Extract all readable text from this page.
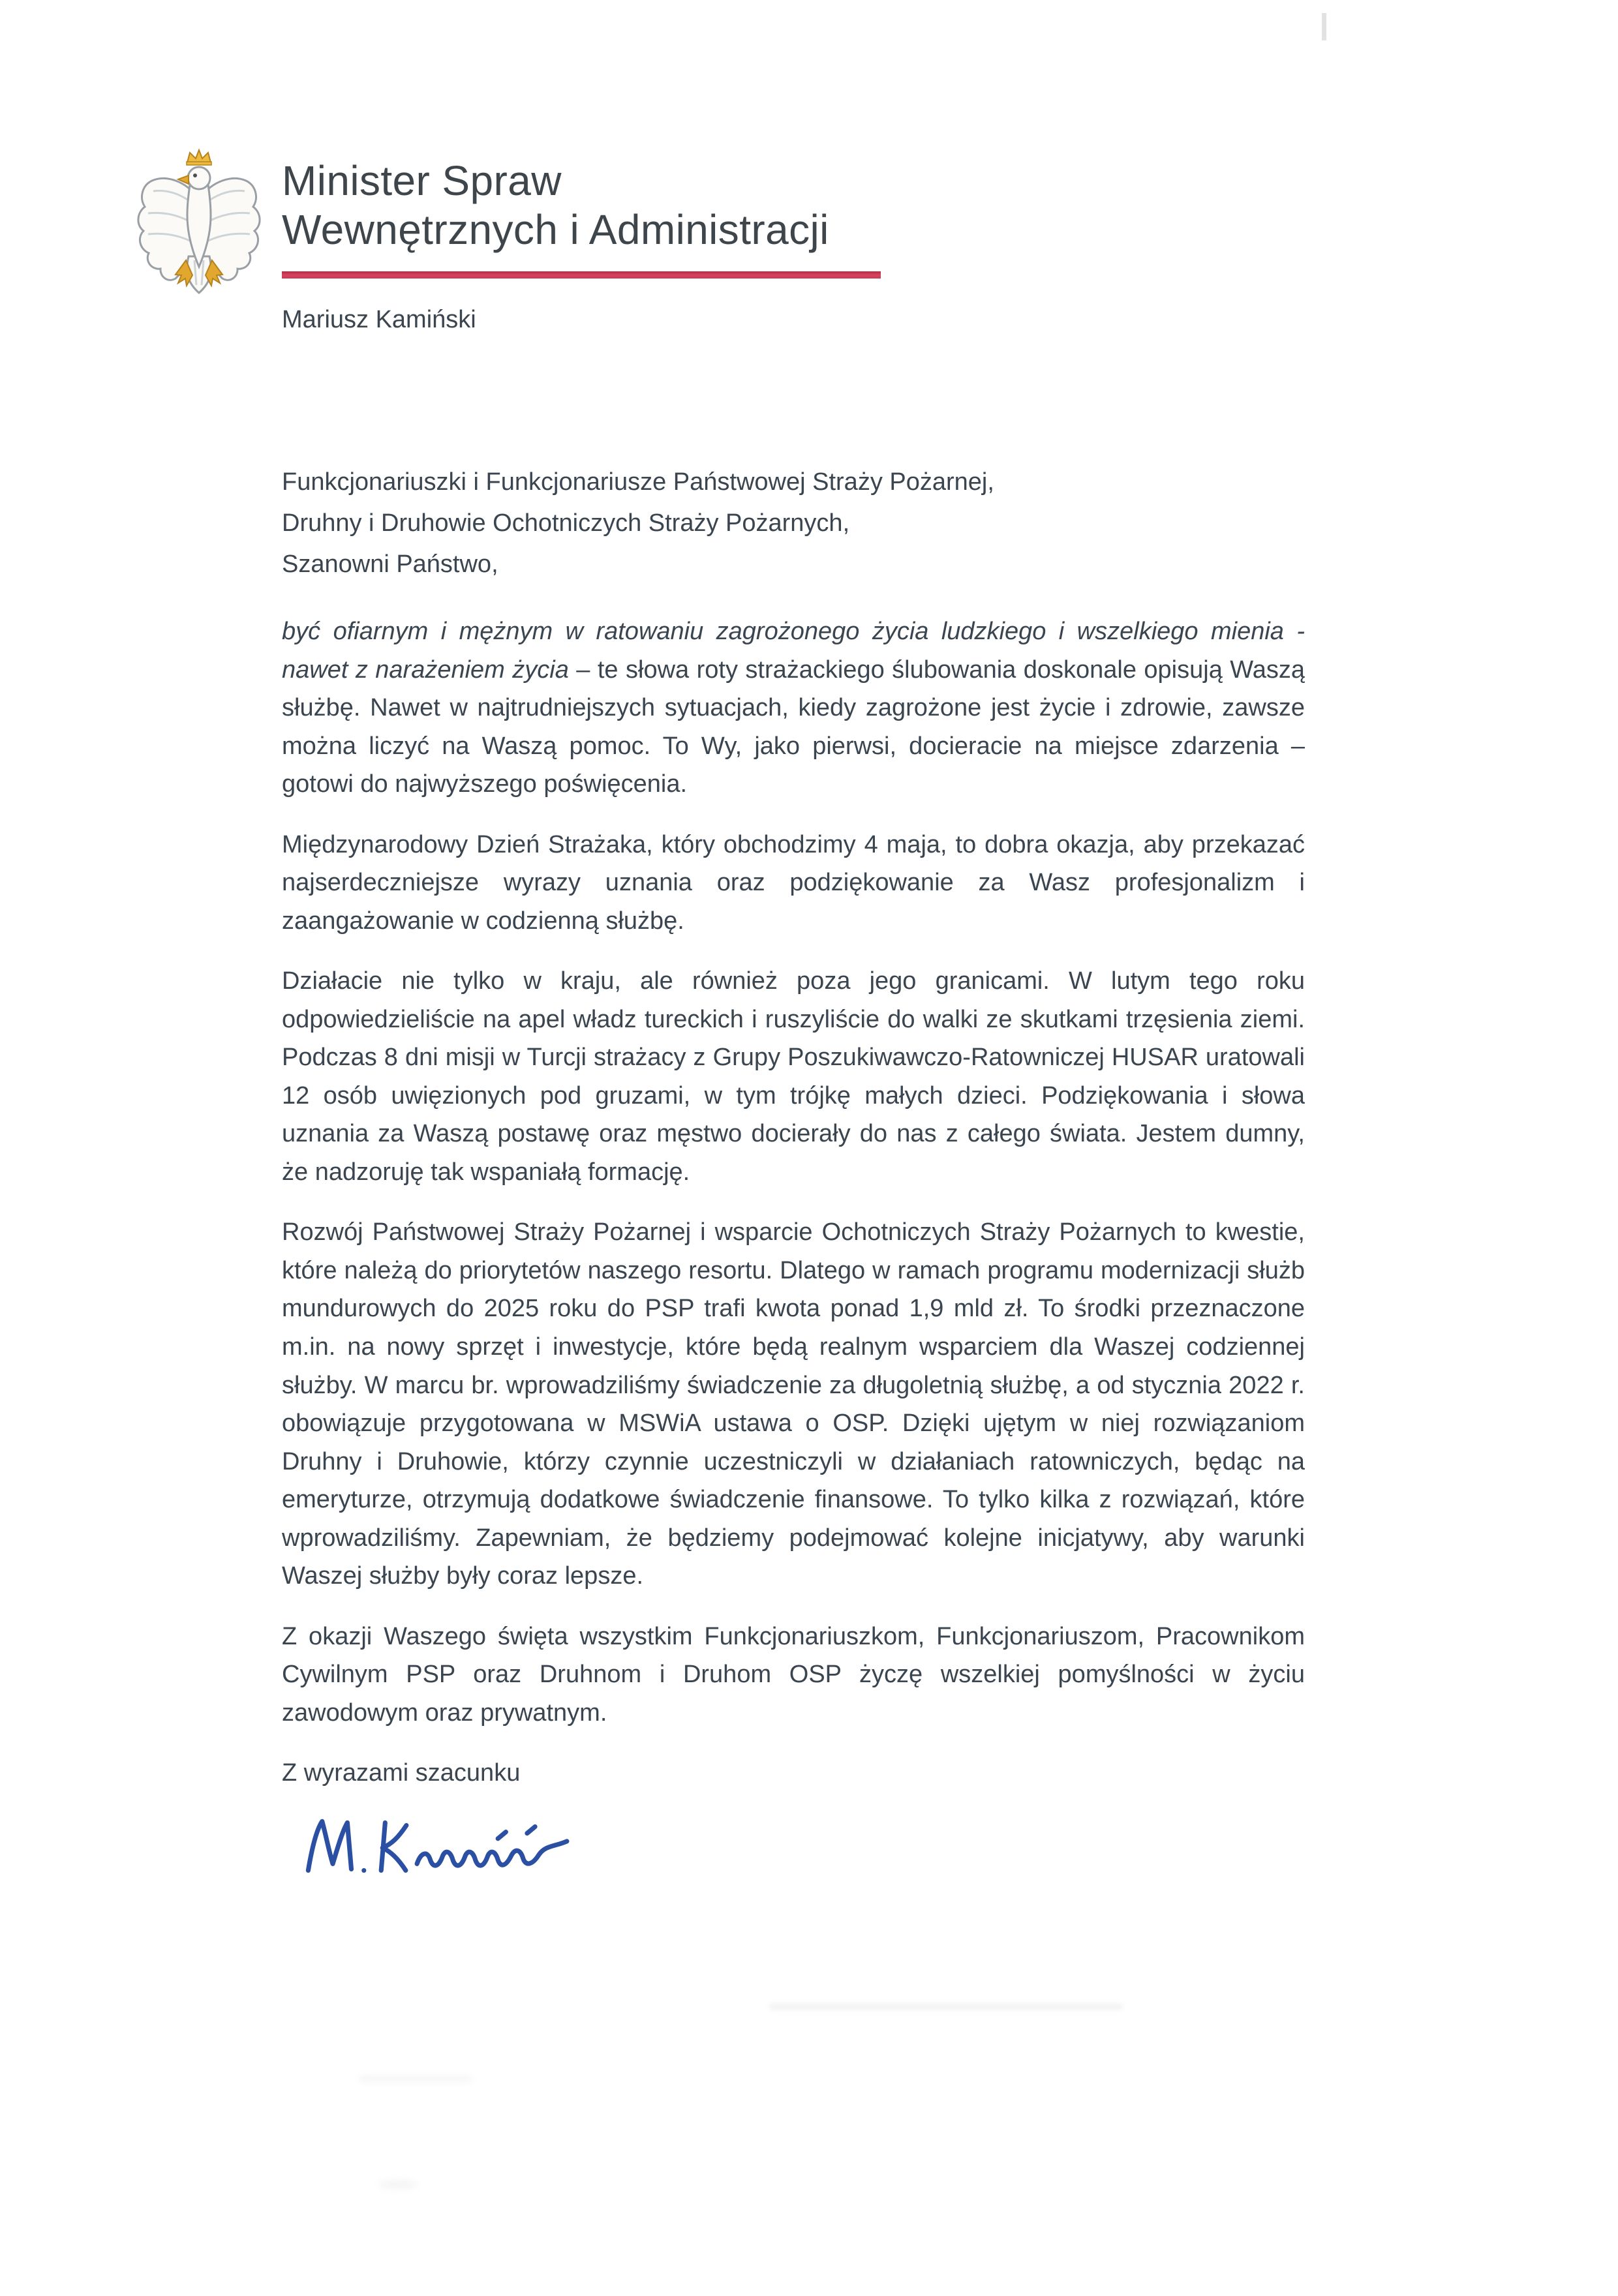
Minister Spraw
Wewnętrznych i Administracji
Mariusz Kamiński

Funkcjonariuszki i Funkcjonariusze Państwowej Straży Pożarnej,
Druhny i Druhowie Ochotniczych Straży Pożarnych,
Szanowni Państwo,

być ofiarnym i mężnym w ratowaniu zagrożonego życia ludzkiego i wszelkiego mienia - nawet z narażeniem życia – te słowa roty strażackiego ślubowania doskonale opisują Waszą służbę. Nawet w najtrudniejszych sytuacjach, kiedy zagrożone jest życie i zdrowie, zawsze można liczyć na Waszą pomoc. To Wy, jako pierwsi, docieracie na miejsce zdarzenia – gotowi do najwyższego poświęcenia.

Międzynarodowy Dzień Strażaka, który obchodzimy 4 maja, to dobra okazja, aby przekazać najserdeczniejsze wyrazy uznania oraz podziękowanie za Wasz profesjonalizm i zaangażowanie w codzienną służbę.

Działacie nie tylko w kraju, ale również poza jego granicami. W lutym tego roku odpowiedzieliście na apel władz tureckich i ruszyliście do walki ze skutkami trzęsienia ziemi. Podczas 8 dni misji w Turcji strażacy z Grupy Poszukiwawczo-Ratowniczej HUSAR uratowali 12 osób uwięzionych pod gruzami, w tym trójkę małych dzieci. Podziękowania i słowa uznania za Waszą postawę oraz męstwo docierały do nas z całego świata. Jestem dumny, że nadzoruję tak wspaniałą formację.

Rozwój Państwowej Straży Pożarnej i wsparcie Ochotniczych Straży Pożarnych to kwestie, które należą do priorytetów naszego resortu. Dlatego w ramach programu modernizacji służb mundurowych do 2025 roku do PSP trafi kwota ponad 1,9 mld zł. To środki przeznaczone m.in. na nowy sprzęt i inwestycje, które będą realnym wsparciem dla Waszej codziennej służby. W marcu br. wprowadziliśmy świadczenie za długoletnią służbę, a od stycznia 2022 r. obowiązuje przygotowana w MSWiA ustawa o OSP. Dzięki ujętym w niej rozwiązaniom Druhny i Druhowie, którzy czynnie uczestniczyli w działaniach ratowniczych, będąc na emeryturze, otrzymują dodatkowe świadczenie finansowe. To tylko kilka z rozwiązań, które wprowadziliśmy. Zapewniam, że będziemy podejmować kolejne inicjatywy, aby warunki Waszej służby były coraz lepsze.

Z okazji Waszego święta wszystkim Funkcjonariuszkom, Funkcjonariuszom, Pracownikom Cywilnym PSP oraz Druhnom i Druhom OSP życzę wszelkiej pomyślności w życiu zawodowym oraz prywatnym.

Z wyrazami szacunku
